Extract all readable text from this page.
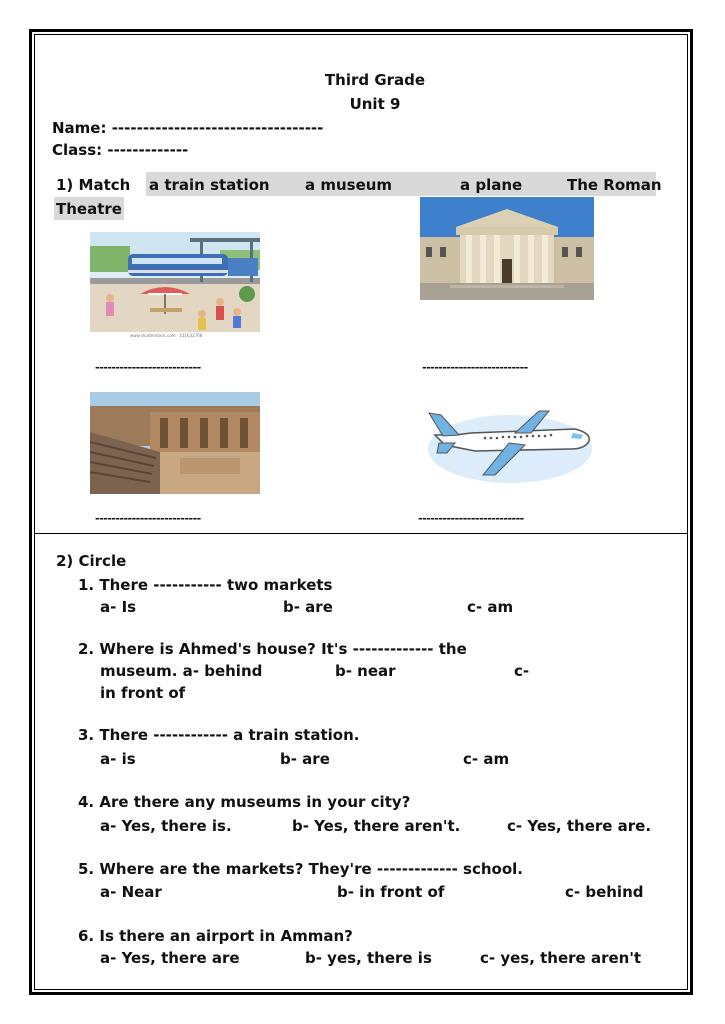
Third Grade
Unit 9
Name: ----------------------------------
Class: -------------
1) Match a train station a museum	a plane	The Roman
Theatre
www.shutterstock.com · 111632768
--------------------------	--------------------------
--------------------------	--------------------------
2) Circle
1. There ----------- two markets
a- Is	b- are	c- am
2. Where is Ahmed's house? It's ------------- the
museum. a- behind	b- near	c-
in front of
3. There ------------ a train station.
a- is	b- are	c- am
4. Are there any museums in your city?
a- Yes, there is.	b- Yes, there aren't.	c- Yes, there are.
5. Where are the markets? They're ------------- school.
a- Near	b- in front of	c- behind
6. Is there an airport in Amman?
a- Yes, there are	b- yes, there is	c- yes, there aren't
